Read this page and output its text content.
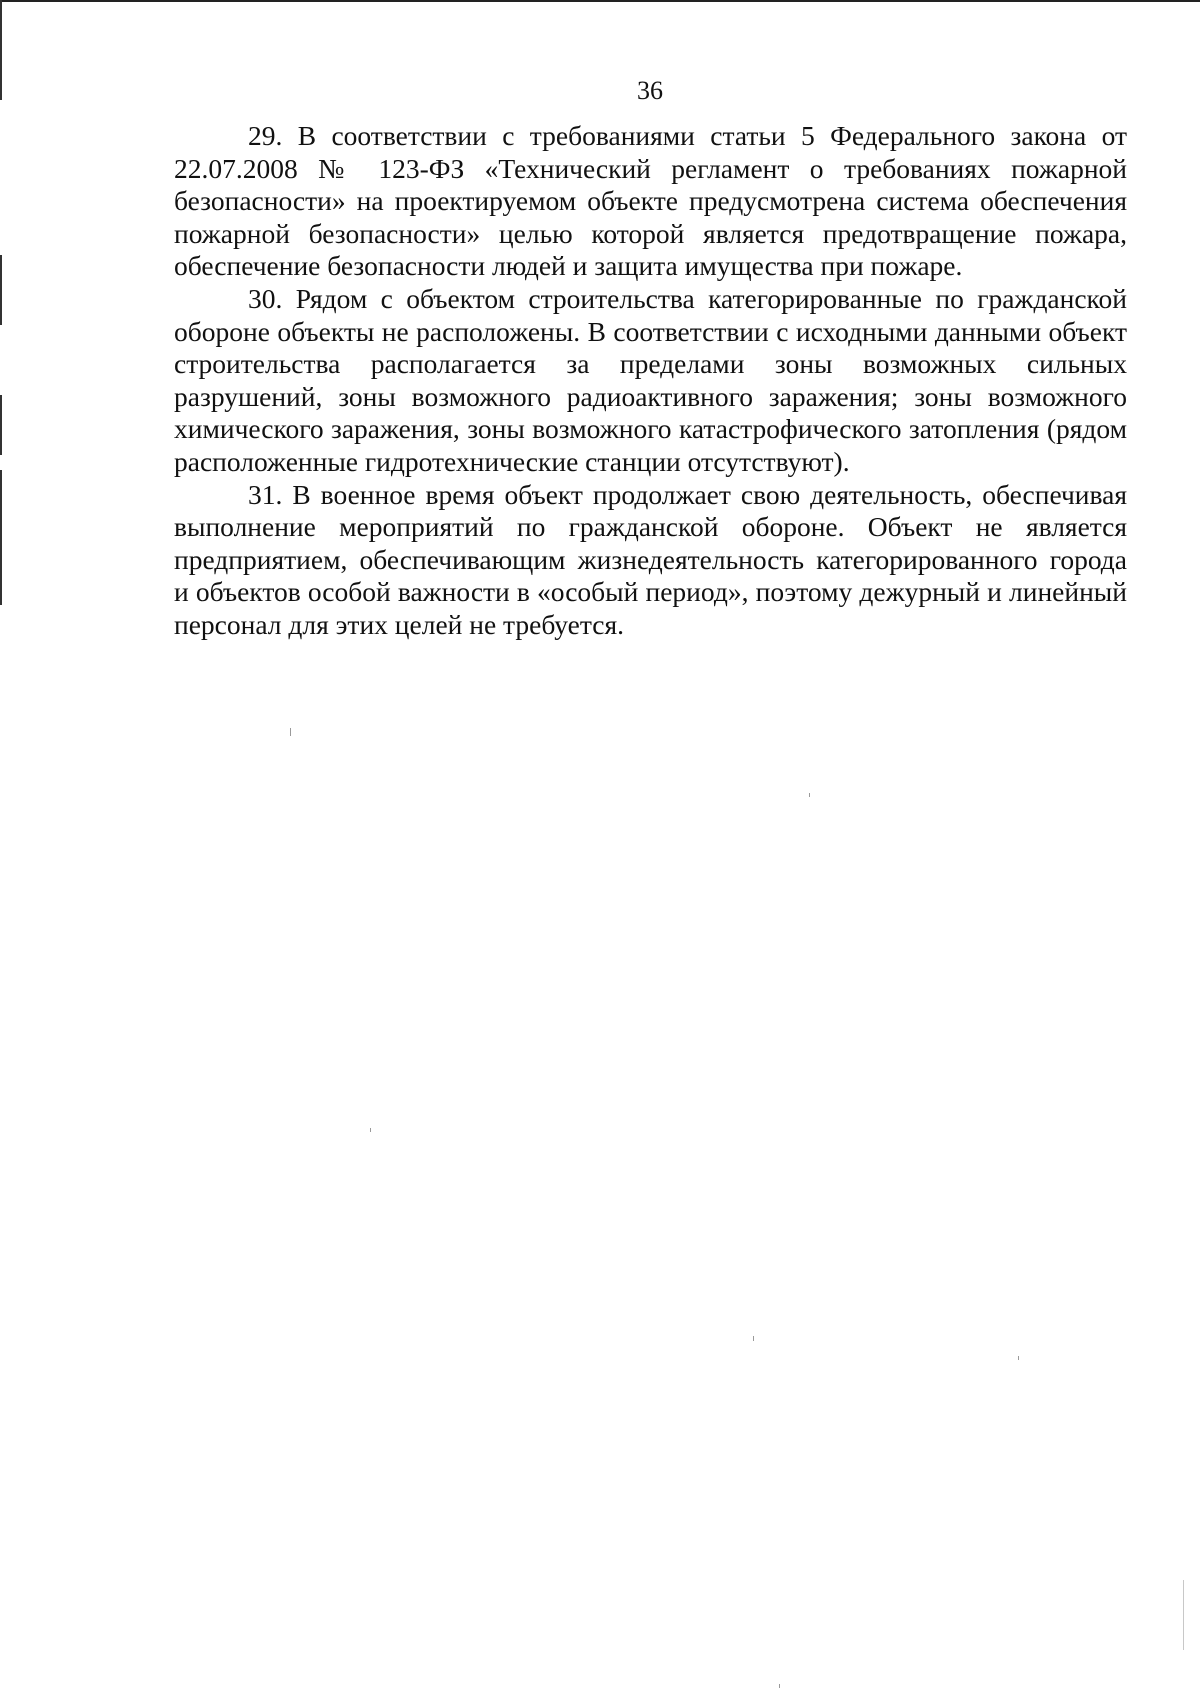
36

29. В соответствии с требованиями статьи 5 Федерального закона от 22.07.2008 № 123-ФЗ «Технический регламент о требованиях пожарной безопасности» на проектируемом объекте предусмотрена система обеспечения пожарной безопасности» целью которой является предотвращение пожара, обеспечение безопасности людей и защита имущества при пожаре.

30. Рядом с объектом строительства категорированные по гражданской обороне объекты не расположены. В соответствии с исходными данными объект строительства располагается за пределами зоны возможных сильных разрушений, зоны возможного радиоактивного заражения; зоны возможного химического заражения, зоны возможного катастрофического затопления (рядом расположенные гидротехнические станции отсутствуют).

31. В военное время объект продолжает свою деятельность, обеспечивая выполнение мероприятий по гражданской обороне. Объект не является предприятием, обеспечивающим жизнедеятельность категорированного города и объектов особой важности в «особый период», поэтому дежурный и линейный персонал для этих целей не требуется.
